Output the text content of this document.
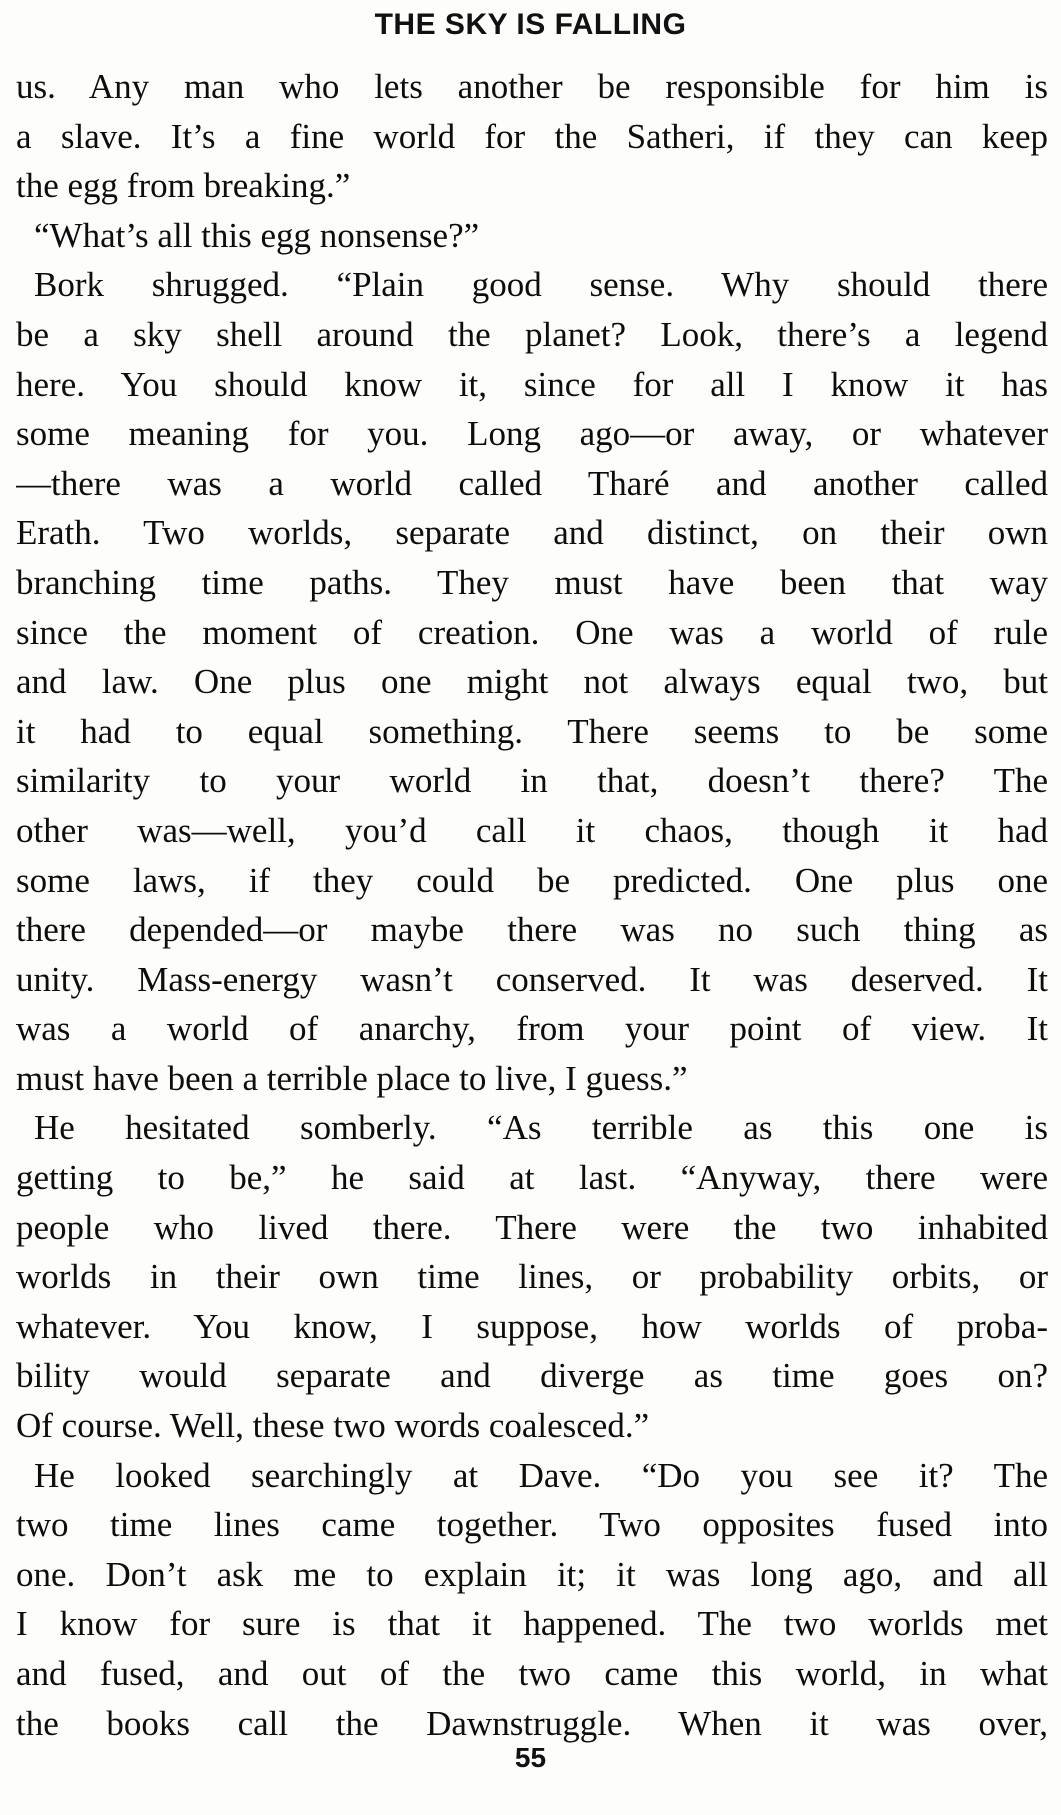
THE SKY IS FALLING

us. Any man who lets another be responsible for him is
a slave. It’s a fine world for the Satheri, if they can keep
the egg from breaking.”

“What’s all this egg nonsense?”

Bork shrugged. “Plain good sense. Why should there
be a sky shell around the planet? Look, there’s a legend
here. You should know it, since for all I know it has
some meaning for you. Long ago—or away, or whatever
—there was a world called Tharé and another called
Erath. Two worlds, separate and distinct, on their own
branching time paths. They must have been that way
since the moment of creation. One was a world of rule
and law. One plus one might not always equal two, but
it had to equal something. There seems to be some
similarity to your world in that, doesn’t there? The
other was—well, you’d call it chaos, though it had
some laws, if they could be predicted. One plus one
there depended—or maybe there was no such thing as
unity. Mass-energy wasn’t conserved. It was deserved. It
was a world of anarchy, from your point of view. It
must have been a terrible place to live, I guess.”

He hesitated somberly. “As terrible as this one is
getting to be,” he said at last. “Anyway, there were
people who lived there. There were the two inhabited
worlds in their own time lines, or probability orbits, or
whatever. You know, I suppose, how worlds of proba-
bility would separate and diverge as time goes on?
Of course. Well, these two words coalesced.”

He looked searchingly at Dave. “Do you see it? The
two time lines came together. Two opposites fused into
one. Don’t ask me to explain it; it was long ago, and all
I know for sure is that it happened. The two worlds met
and fused, and out of the two came this world, in what
the books call the Dawnstruggle. When it was over,

55
